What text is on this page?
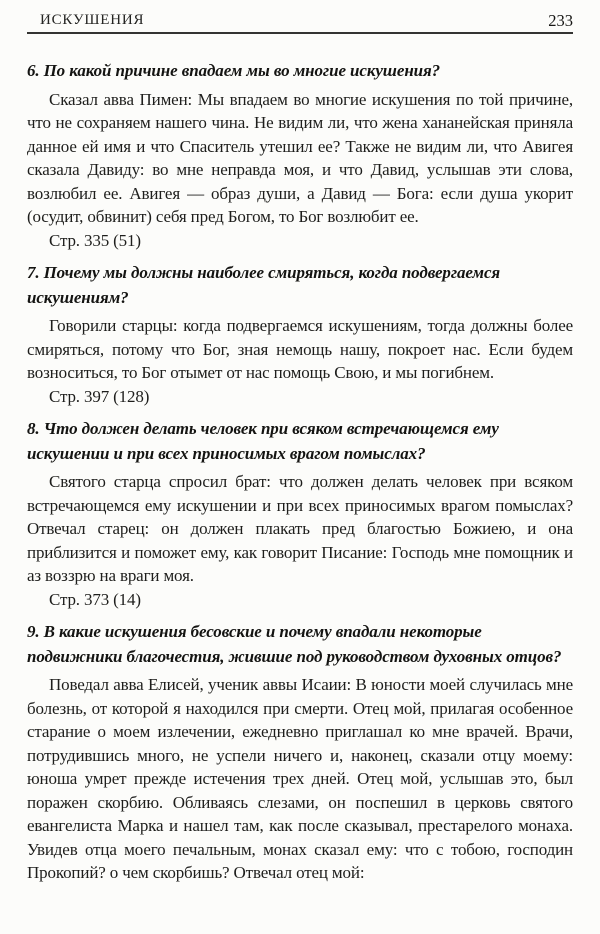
ИСКУШЕНИЯ	233
6. По какой причине впадаем мы во многие искушения?

Сказал авва Пимен: Мы впадаем во многие искушения по той причине, что не сохраняем нашего чина. Не видим ли, что жена хананейская приняла данное ей имя и что Спаситель утешил ее? Также не видим ли, что Авигея сказала Давиду: во мне неправда моя, и что Давид, услышав эти слова, возлюбил ее. Авигея — образ души, а Давид — Бога: если душа укорит (осудит, обвинит) себя пред Богом, то Бог возлюбит ее.

Стр. 335 (51)

7. Почему мы должны наиболее смиряться, когда подвергаемся искушениям?

Говорили старцы: когда подвергаемся искушениям, тогда должны более смиряться, потому что Бог, зная немощь нашу, покроет нас. Если будем возноситься, то Бог отымет от нас помощь Свою, и мы погибнем.

Стр. 397 (128)

8. Что должен делать человек при всяком встречающемся ему искушении и при всех приносимых врагом помыслах?

Святого старца спросил брат: что должен делать человек при всяком встречающемся ему искушении и при всех приносимых врагом помыслах? Отвечал старец: он должен плакать пред благостью Божиею, и она приблизится и поможет ему, как говорит Писание: Господь мне помощник и аз воззрю на враги моя.

Стр. 373 (14)

9. В какие искушения бесовские и почему впадали некоторые подвижники благочестия, жившие под руководством духовных отцов?

Поведал авва Елисей, ученик аввы Исаии: В юности моей случилась мне болезнь, от которой я находился при смерти. Отец мой, прилагая особенное старание о моем излечении, ежедневно приглашал ко мне врачей. Врачи, потрудившись много, не успели ничего и, наконец, сказали отцу моему: юноша умрет прежде истечения трех дней. Отец мой, услышав это, был поражен скорбию. Обливаясь слезами, он поспешил в церковь святого евангелиста Марка и нашел там, как после сказывал, престарелого монаха. Увидев отца моего печальным, монах сказал ему: что с тобою, господин Прокопий? о чем скорбишь? Отвечал отец мой:
